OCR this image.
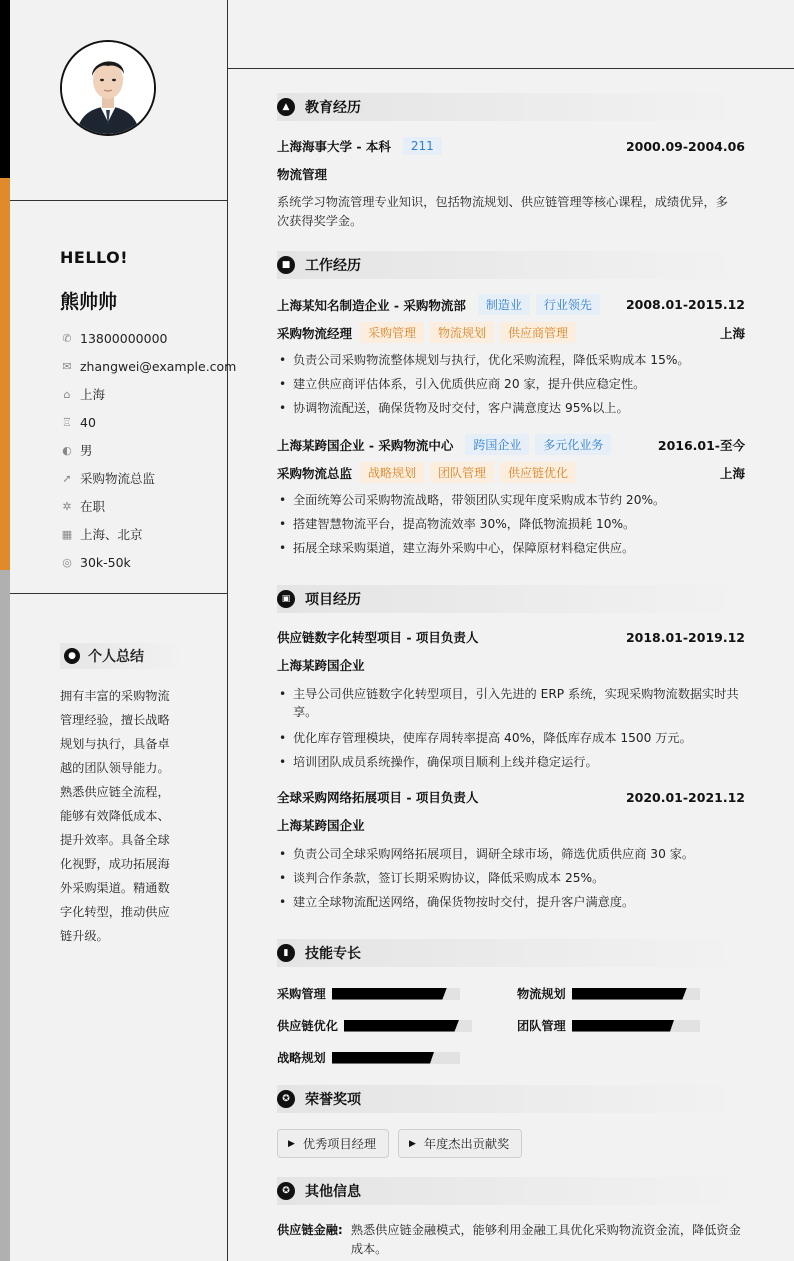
HELLO!
熊帅帅
✆ 13800000000
✉ zhangwei@example.com
⌂ 上海
♖ 40
◐ 男
➚ 采购物流总监
✲ 在职
▦ 上海、北京
◎ 30k-50k
● 个人总结
拥有丰富的采购物流管理经验，擅长战略规划与执行，具备卓越的团队领导能力。熟悉供应链全流程，能够有效降低成本、提升效率。具备全球化视野，成功拓展海外采购渠道。精通数字化转型，推动供应链升级。
▲	教育经历
上海海事大学 - 本科	211	2000.09-2004.06
物流管理
系统学习物流管理专业知识，包括物流规划、供应链管理等核心课程，成绩优异，多次获得奖学金。
■	工作经历
上海某知名制造企业 - 采购物流部	制造业	行业领先	2008.01-2015.12
采购物流经理	采购管理	物流规划	供应商管理	上海
• 负责公司采购物流整体规划与执行，优化采购流程，降低采购成本 15%。
• 建立供应商评估体系，引入优质供应商 20 家，提升供应稳定性。
• 协调物流配送，确保货物及时交付，客户满意度达 95%以上。
上海某跨国企业 - 采购物流中心	跨国企业	多元化业务	2016.01-至今
采购物流总监	战略规划	团队管理	供应链优化	上海
• 全面统筹公司采购物流战略，带领团队实现年度采购成本节约 20%。
• 搭建智慧物流平台，提高物流效率 30%，降低物流损耗 10%。
• 拓展全球采购渠道，建立海外采购中心，保障原材料稳定供应。
▣	项目经历
供应链数字化转型项目 - 项目负责人	2018.01-2019.12
上海某跨国企业
• 主导公司供应链数字化转型项目，引入先进的 ERP 系统，实现采购物流数据实时共享。
• 优化库存管理模块，使库存周转率提高 40%，降低库存成本 1500 万元。
• 培训团队成员系统操作，确保项目顺利上线并稳定运行。
全球采购网络拓展项目 - 项目负责人	2020.01-2021.12
上海某跨国企业
• 负责公司全球采购网络拓展项目，调研全球市场，筛选优质供应商 30 家。
• 谈判合作条款，签订长期采购协议，降低采购成本 25%。
• 建立全球物流配送网络，确保货物按时交付，提升客户满意度。
▮	技能专长
采购管理	物流规划
供应链优化	团队管理
战略规划
✪	荣誉奖项
▶ 优秀项目经理	▶ 年度杰出贡献奖
✪	其他信息
供应链金融: 熟悉供应链金融模式，能够利用金融工具优化采购物流资金流，降低资金成本。
